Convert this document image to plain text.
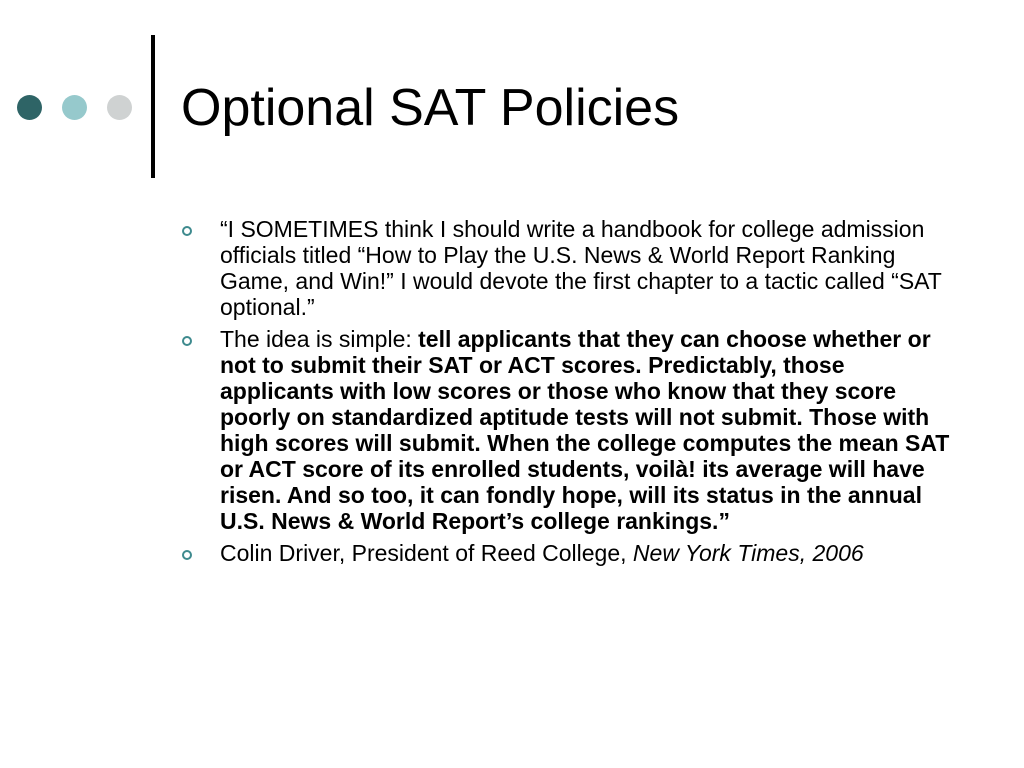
Optional SAT Policies
“I SOMETIMES think I should write a handbook for college admission officials titled “How to Play the U.S. News & World Report Ranking Game, and Win!” I would devote the first chapter to a tactic called “SAT optional.”
The idea is simple: tell applicants that they can choose whether or not to submit their SAT or ACT scores. Predictably, those applicants with low scores or those who know that they score poorly on standardized aptitude tests will not submit. Those with high scores will submit. When the college computes the mean SAT or ACT score of its enrolled students, voilà! its average will have risen. And so too, it can fondly hope, will its status in the annual U.S. News & World Report’s college rankings.”
Colin Driver, President of Reed College, New York Times, 2006
